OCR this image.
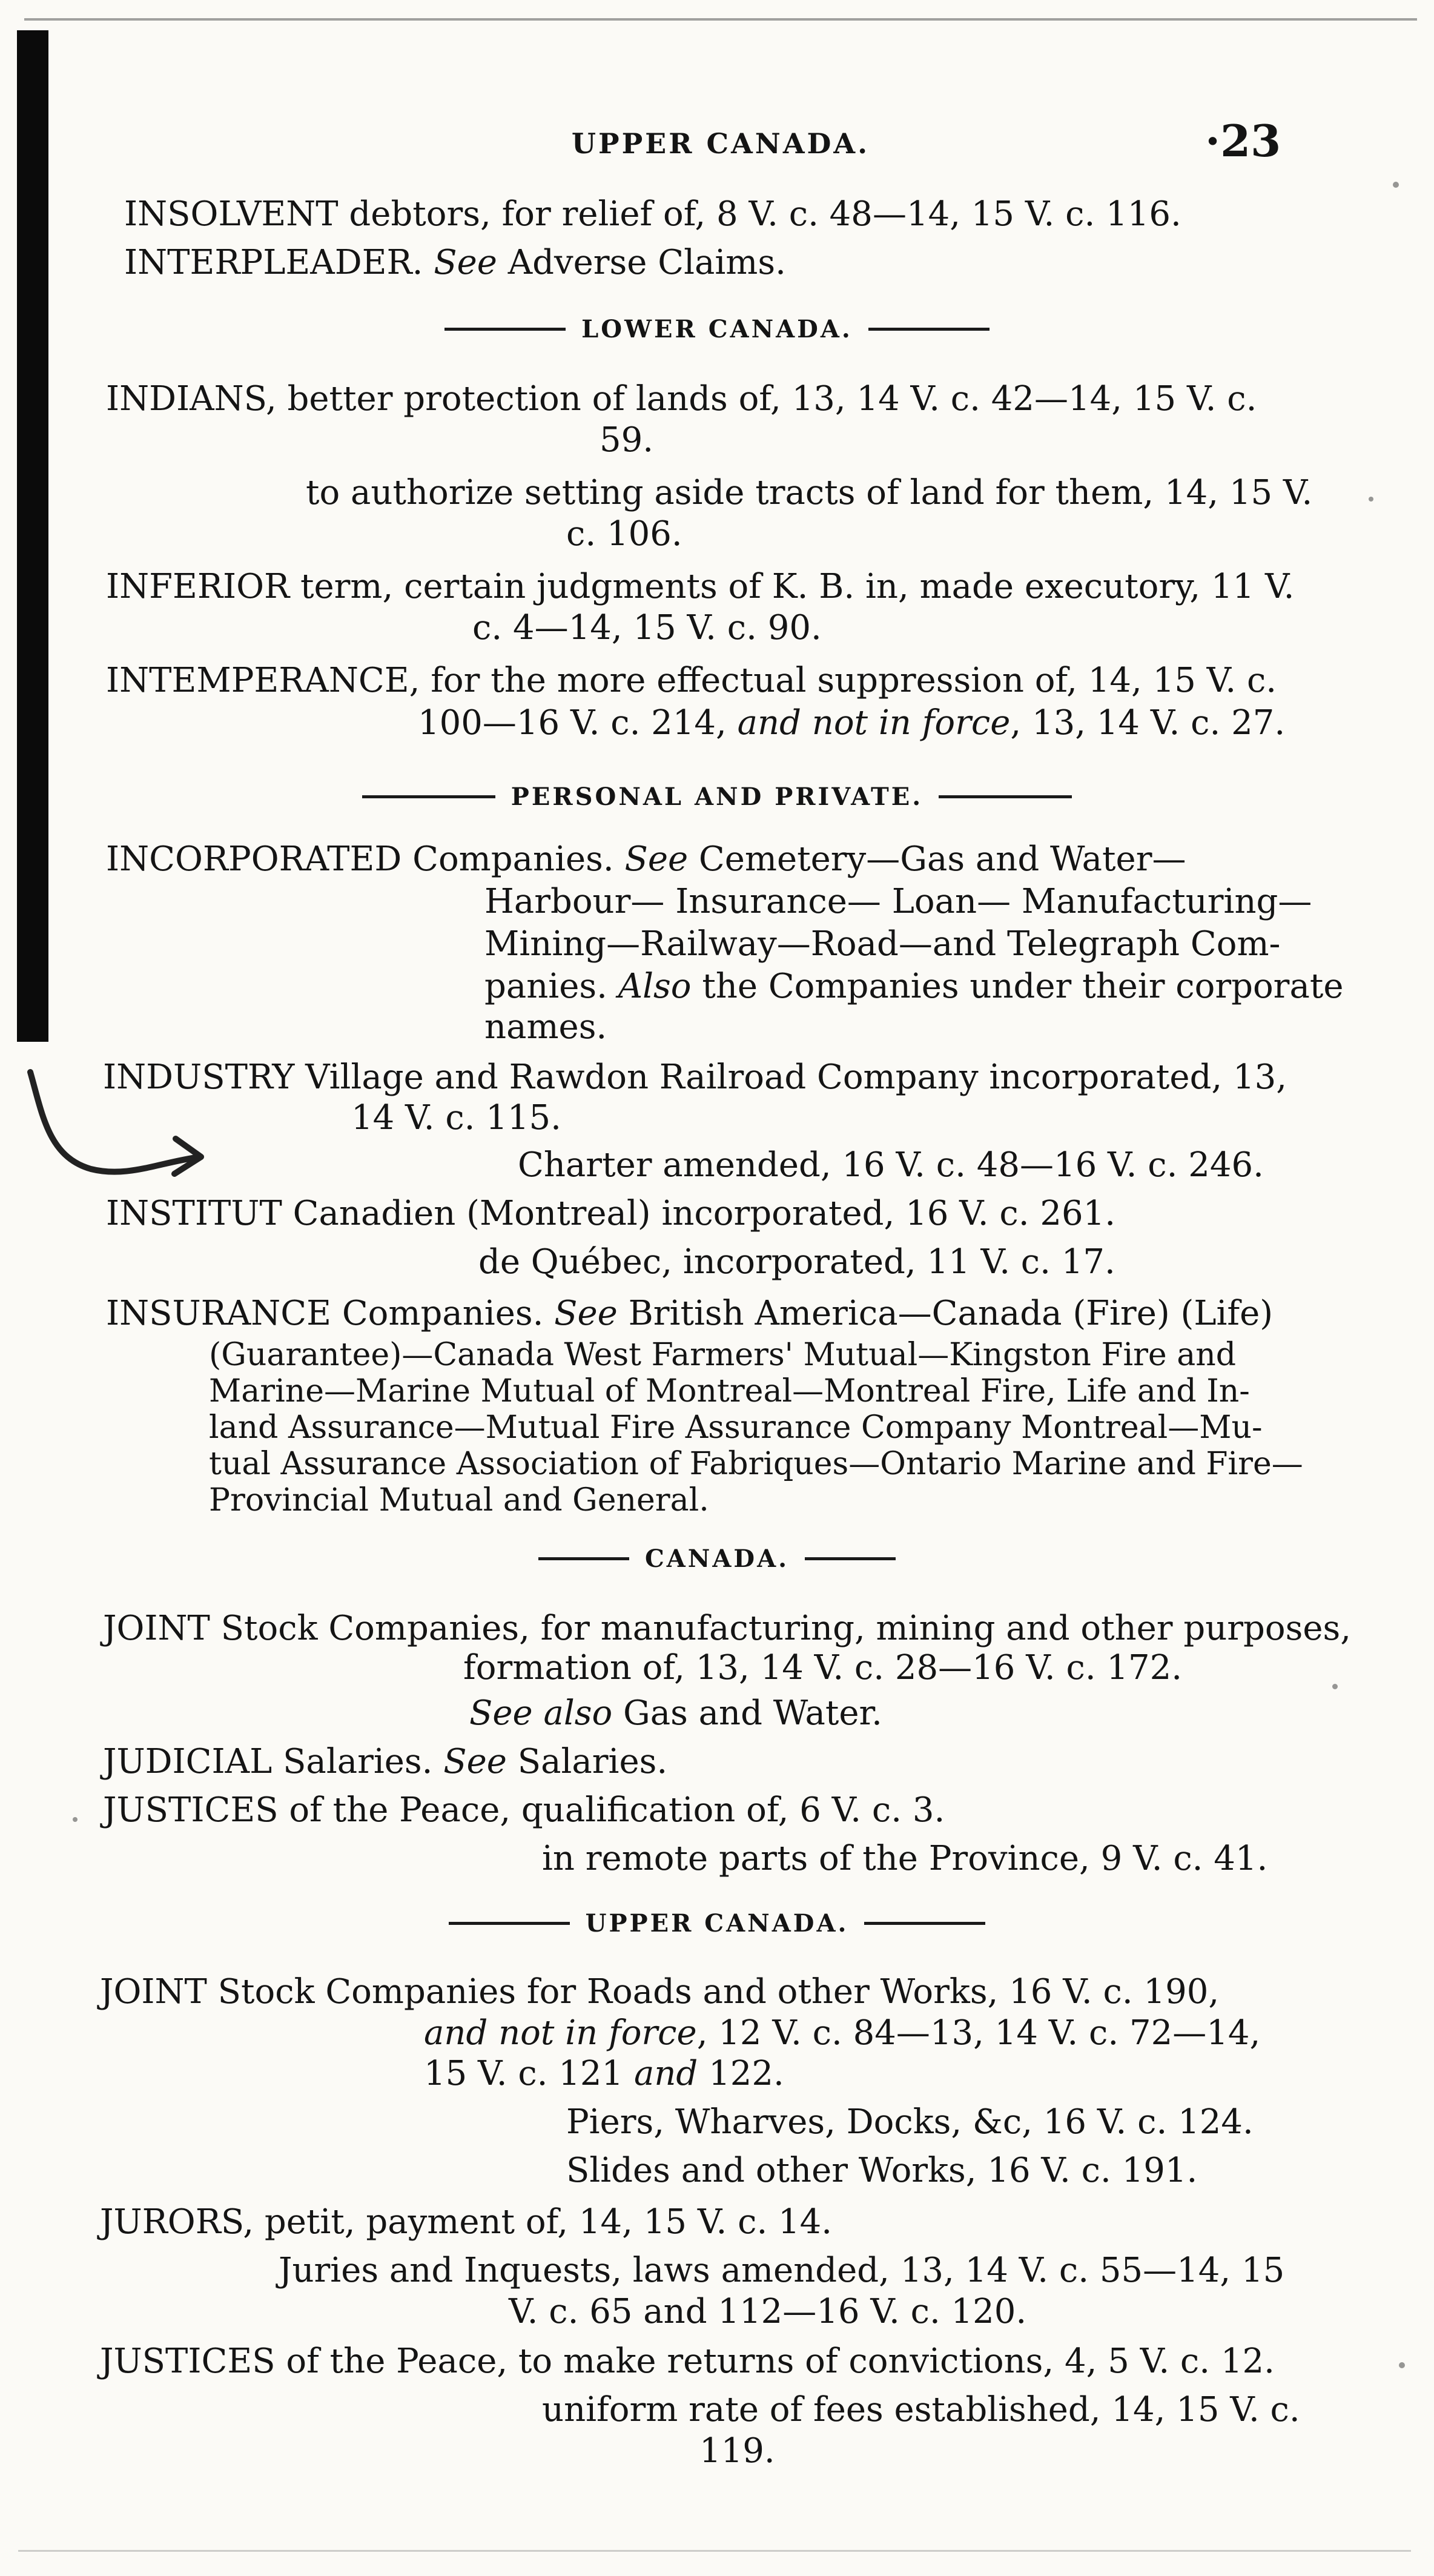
UPPER CANADA.	·23
INSOLVENT debtors, for relief of, 8 V. c. 48—14, 15 V. c. 116.
INTERPLEADER. See Adverse Claims.
LOWER CANADA.
INDIANS, better protection of lands of, 13, 14 V. c. 42—14, 15 V. c.
59.
to authorize setting aside tracts of land for them, 14, 15 V.
c. 106.
INFERIOR term, certain judgments of K. B. in, made executory, 11 V.
c. 4—14, 15 V. c. 90.
INTEMPERANCE, for the more effectual suppression of, 14, 15 V. c.
100—16 V. c. 214, and not in force, 13, 14 V. c. 27.
PERSONAL AND PRIVATE.
INCORPORATED Companies. See Cemetery—Gas and Water—
Harbour— Insurance— Loan— Manufacturing—
Mining—Railway—Road—and Telegraph Com-
panies. Also the Companies under their corporate
names.
INDUSTRY Village and Rawdon Railroad Company incorporated, 13,
14 V. c. 115.
Charter amended, 16 V. c. 48—16 V. c. 246.
INSTITUT Canadien (Montreal) incorporated, 16 V. c. 261.
de Québec, incorporated, 11 V. c. 17.
INSURANCE Companies. See British America—Canada (Fire) (Life)
(Guarantee)—Canada West Farmers' Mutual—Kingston Fire and
Marine—Marine Mutual of Montreal—Montreal Fire, Life and In-
land Assurance—Mutual Fire Assurance Company Montreal—Mu-
tual Assurance Association of Fabriques—Ontario Marine and Fire—
Provincial Mutual and General.
CANADA.
JOINT Stock Companies, for manufacturing, mining and other purposes,
formation of, 13, 14 V. c. 28—16 V. c. 172.
See also Gas and Water.
JUDICIAL Salaries. See Salaries.
JUSTICES of the Peace, qualification of, 6 V. c. 3.
in remote parts of the Province, 9 V. c. 41.
UPPER CANADA.
JOINT Stock Companies for Roads and other Works, 16 V. c. 190,
and not in force, 12 V. c. 84—13, 14 V. c. 72—14,
15 V. c. 121 and 122.
Piers, Wharves, Docks, &c, 16 V. c. 124.
Slides and other Works, 16 V. c. 191.
JURORS, petit, payment of, 14, 15 V. c. 14.
Juries and Inquests, laws amended, 13, 14 V. c. 55—14, 15
V. c. 65 and 112—16 V. c. 120.
JUSTICES of the Peace, to make returns of convictions, 4, 5 V. c. 12.
uniform rate of fees established, 14, 15 V. c.
119.
